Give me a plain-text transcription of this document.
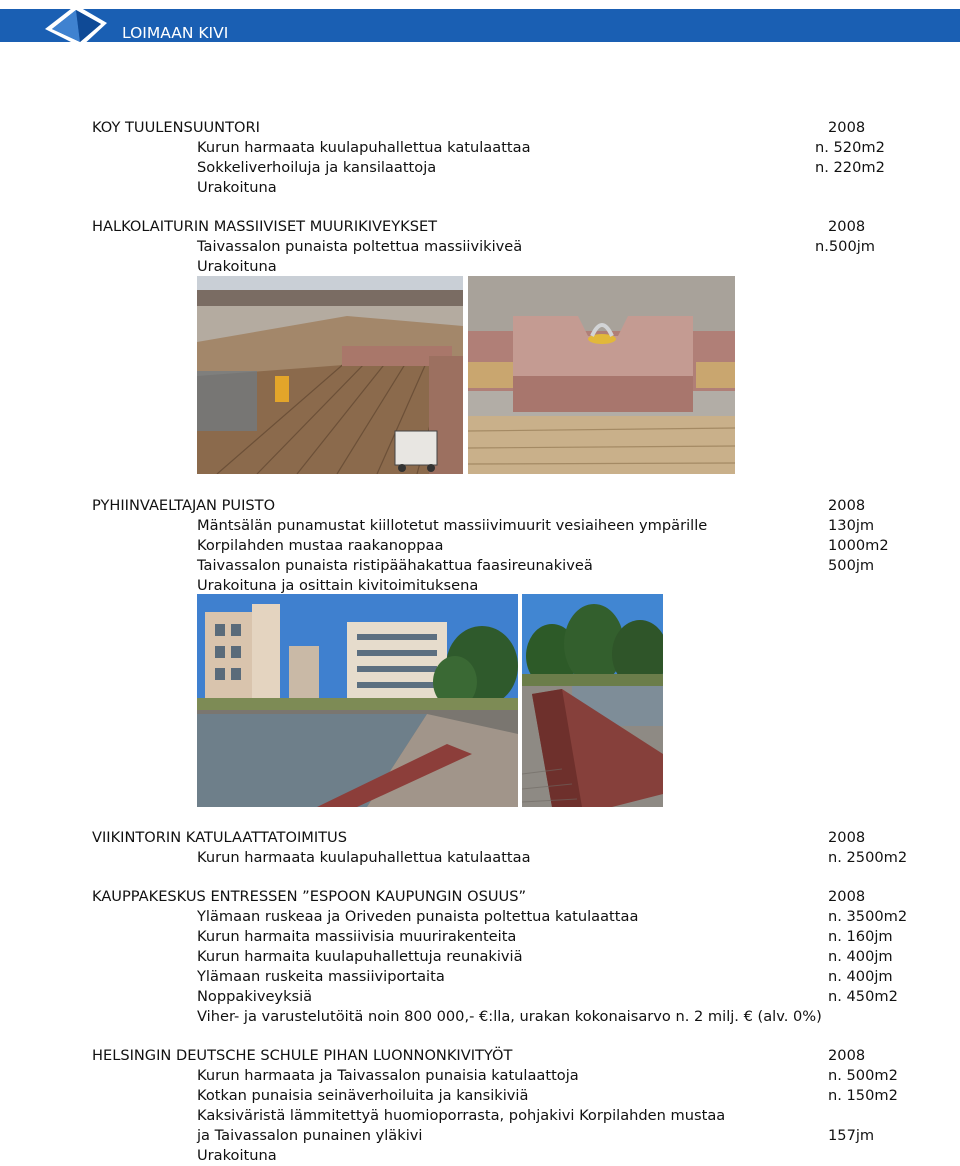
LOIMAAN KIVI
KOY TUULENSUUNTORI	2008
Kurun harmaata kuulapuhallettua katulaattaa	n. 520m2
Sokkeliverhoiluja ja kansilaattoja	n. 220m2
Urakoituna
HALKOLAITURIN MASSIIVISET MUURIKIVEYKSET	2008
Taivassalon punaista poltettua massiivikiveä	n.500jm
Urakoituna
PYHIINVAELTAJAN PUISTO	2008
Mäntsälän punamustat kiillotetut massiivimuurit vesiaiheen ympärille	130jm
Korpilahden mustaa raakanoppaa	1000m2
Taivassalon punaista ristipäähakattua faasireunakiveä	500jm
Urakoituna ja osittain kivitoimituksena
VIIKINTORIN KATULAATTATOIMITUS	2008
Kurun harmaata kuulapuhallettua katulaattaa	n. 2500m2
KAUPPAKESKUS ENTRESSEN ”ESPOON KAUPUNGIN OSUUS”	2008
Ylämaan ruskeaa ja Oriveden punaista poltettua katulaattaa	n. 3500m2
Kurun harmaita massiivisia muurirakenteita	n. 160jm
Kurun harmaita kuulapuhallettuja reunakiviä	n. 400jm
Ylämaan ruskeita massiiviportaita	n. 400jm
Noppakiveyksiä	n. 450m2
Viher- ja varustelutöitä noin 800 000,- €:lla, urakan kokonaisarvo n. 2 milj. € (alv. 0%)
HELSINGIN DEUTSCHE SCHULE PIHAN LUONNONKIVITYÖT	2008
Kurun harmaata ja Taivassalon punaisia katulaattoja	n. 500m2
Kotkan punaisia seinäverhoiluita ja kansikiviä	n. 150m2
Kaksiväristä lämmitettyä huomioporrasta, pohjakivi Korpilahden mustaa
ja Taivassalon punainen yläkivi	157jm
Urakoituna
